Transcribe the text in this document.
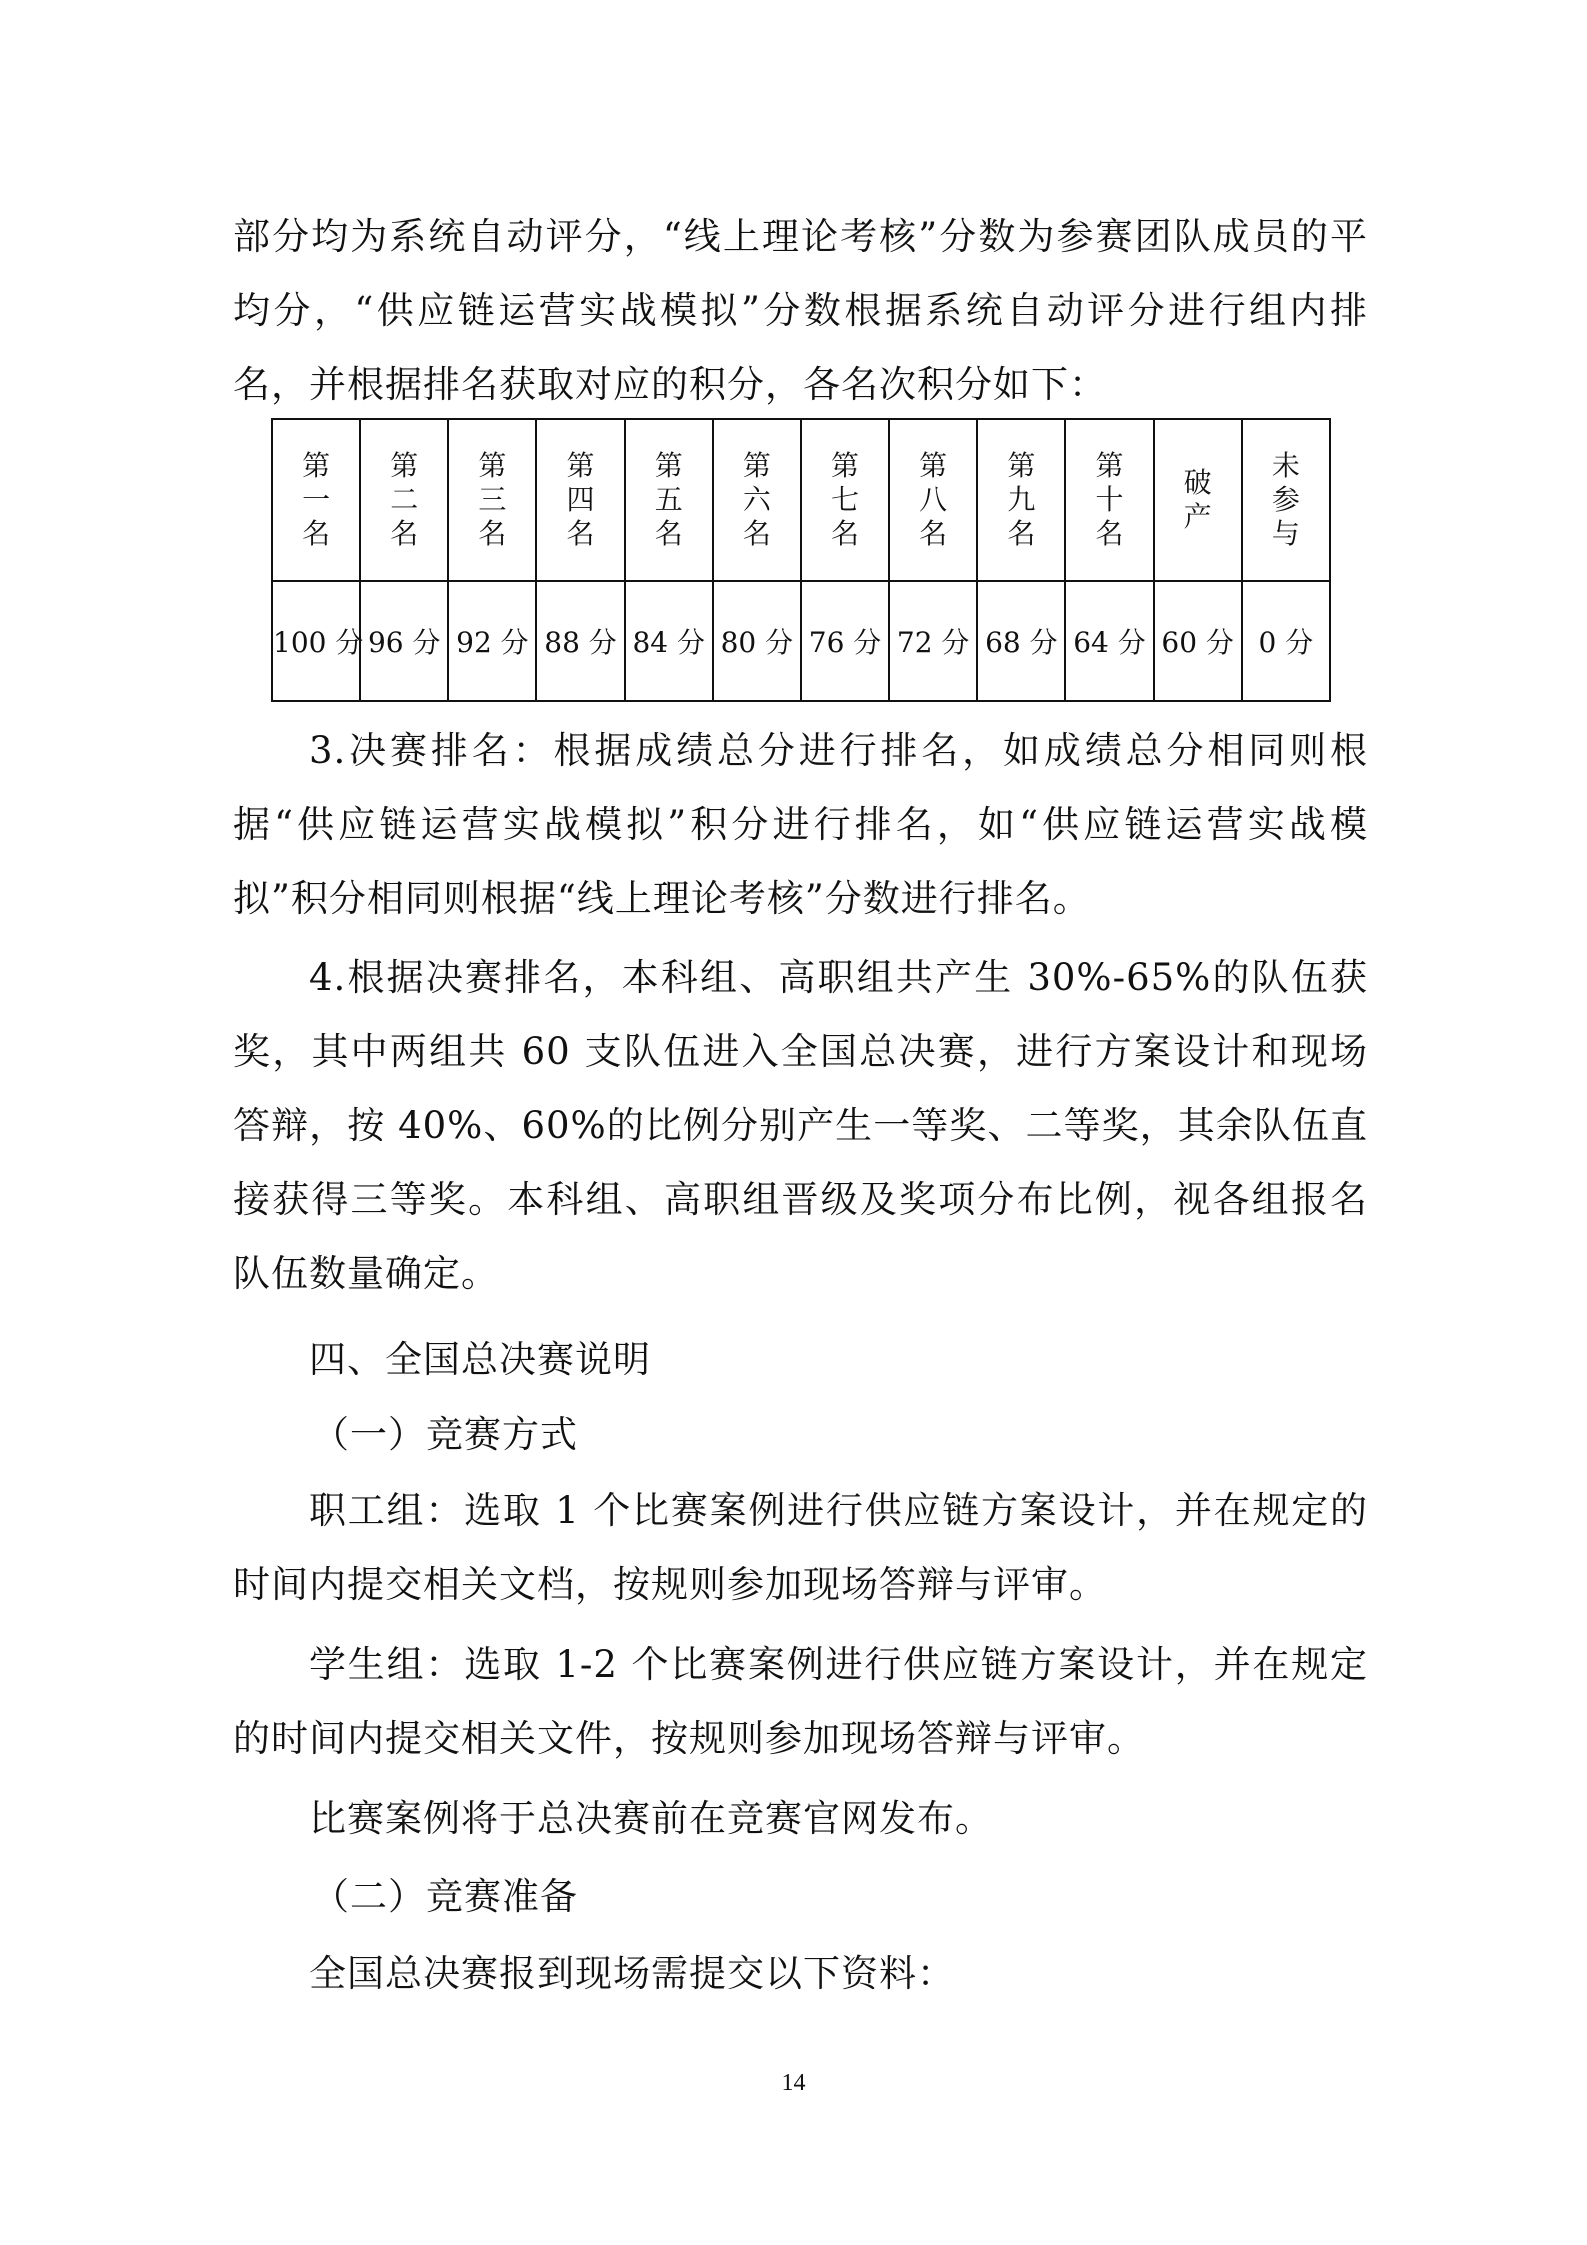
部分均为系统自动评分，“线上理论考核”分数为参赛团队成员的平均分，“供应链运营实战模拟”分数根据系统自动评分进行组内排名，并根据排名获取对应的积分，各名次积分如下：

第一名	第二名	第三名	第四名	第五名	第六名	第七名	第八名	第九名	第十名	破产	未参与
100 分	96 分	92 分	88 分	84 分	80 分	76 分	72 分	68 分	64 分	60 分	0 分

3.决赛排名：根据成绩总分进行排名，如成绩总分相同则根据“供应链运营实战模拟”积分进行排名，如“供应链运营实战模拟”积分相同则根据“线上理论考核”分数进行排名。

4.根据决赛排名，本科组、高职组共产生 30%-65%的队伍获奖，其中两组共 60 支队伍进入全国总决赛，进行方案设计和现场答辩，按 40%、60%的比例分别产生一等奖、二等奖，其余队伍直接获得三等奖。本科组、高职组晋级及奖项分布比例，视各组报名队伍数量确定。

四、全国总决赛说明

（一）竞赛方式

职工组：选取 1 个比赛案例进行供应链方案设计，并在规定的时间内提交相关文档，按规则参加现场答辩与评审。

学生组：选取 1-2 个比赛案例进行供应链方案设计，并在规定的时间内提交相关文件，按规则参加现场答辩与评审。

比赛案例将于总决赛前在竞赛官网发布。

（二）竞赛准备

全国总决赛报到现场需提交以下资料：

14
